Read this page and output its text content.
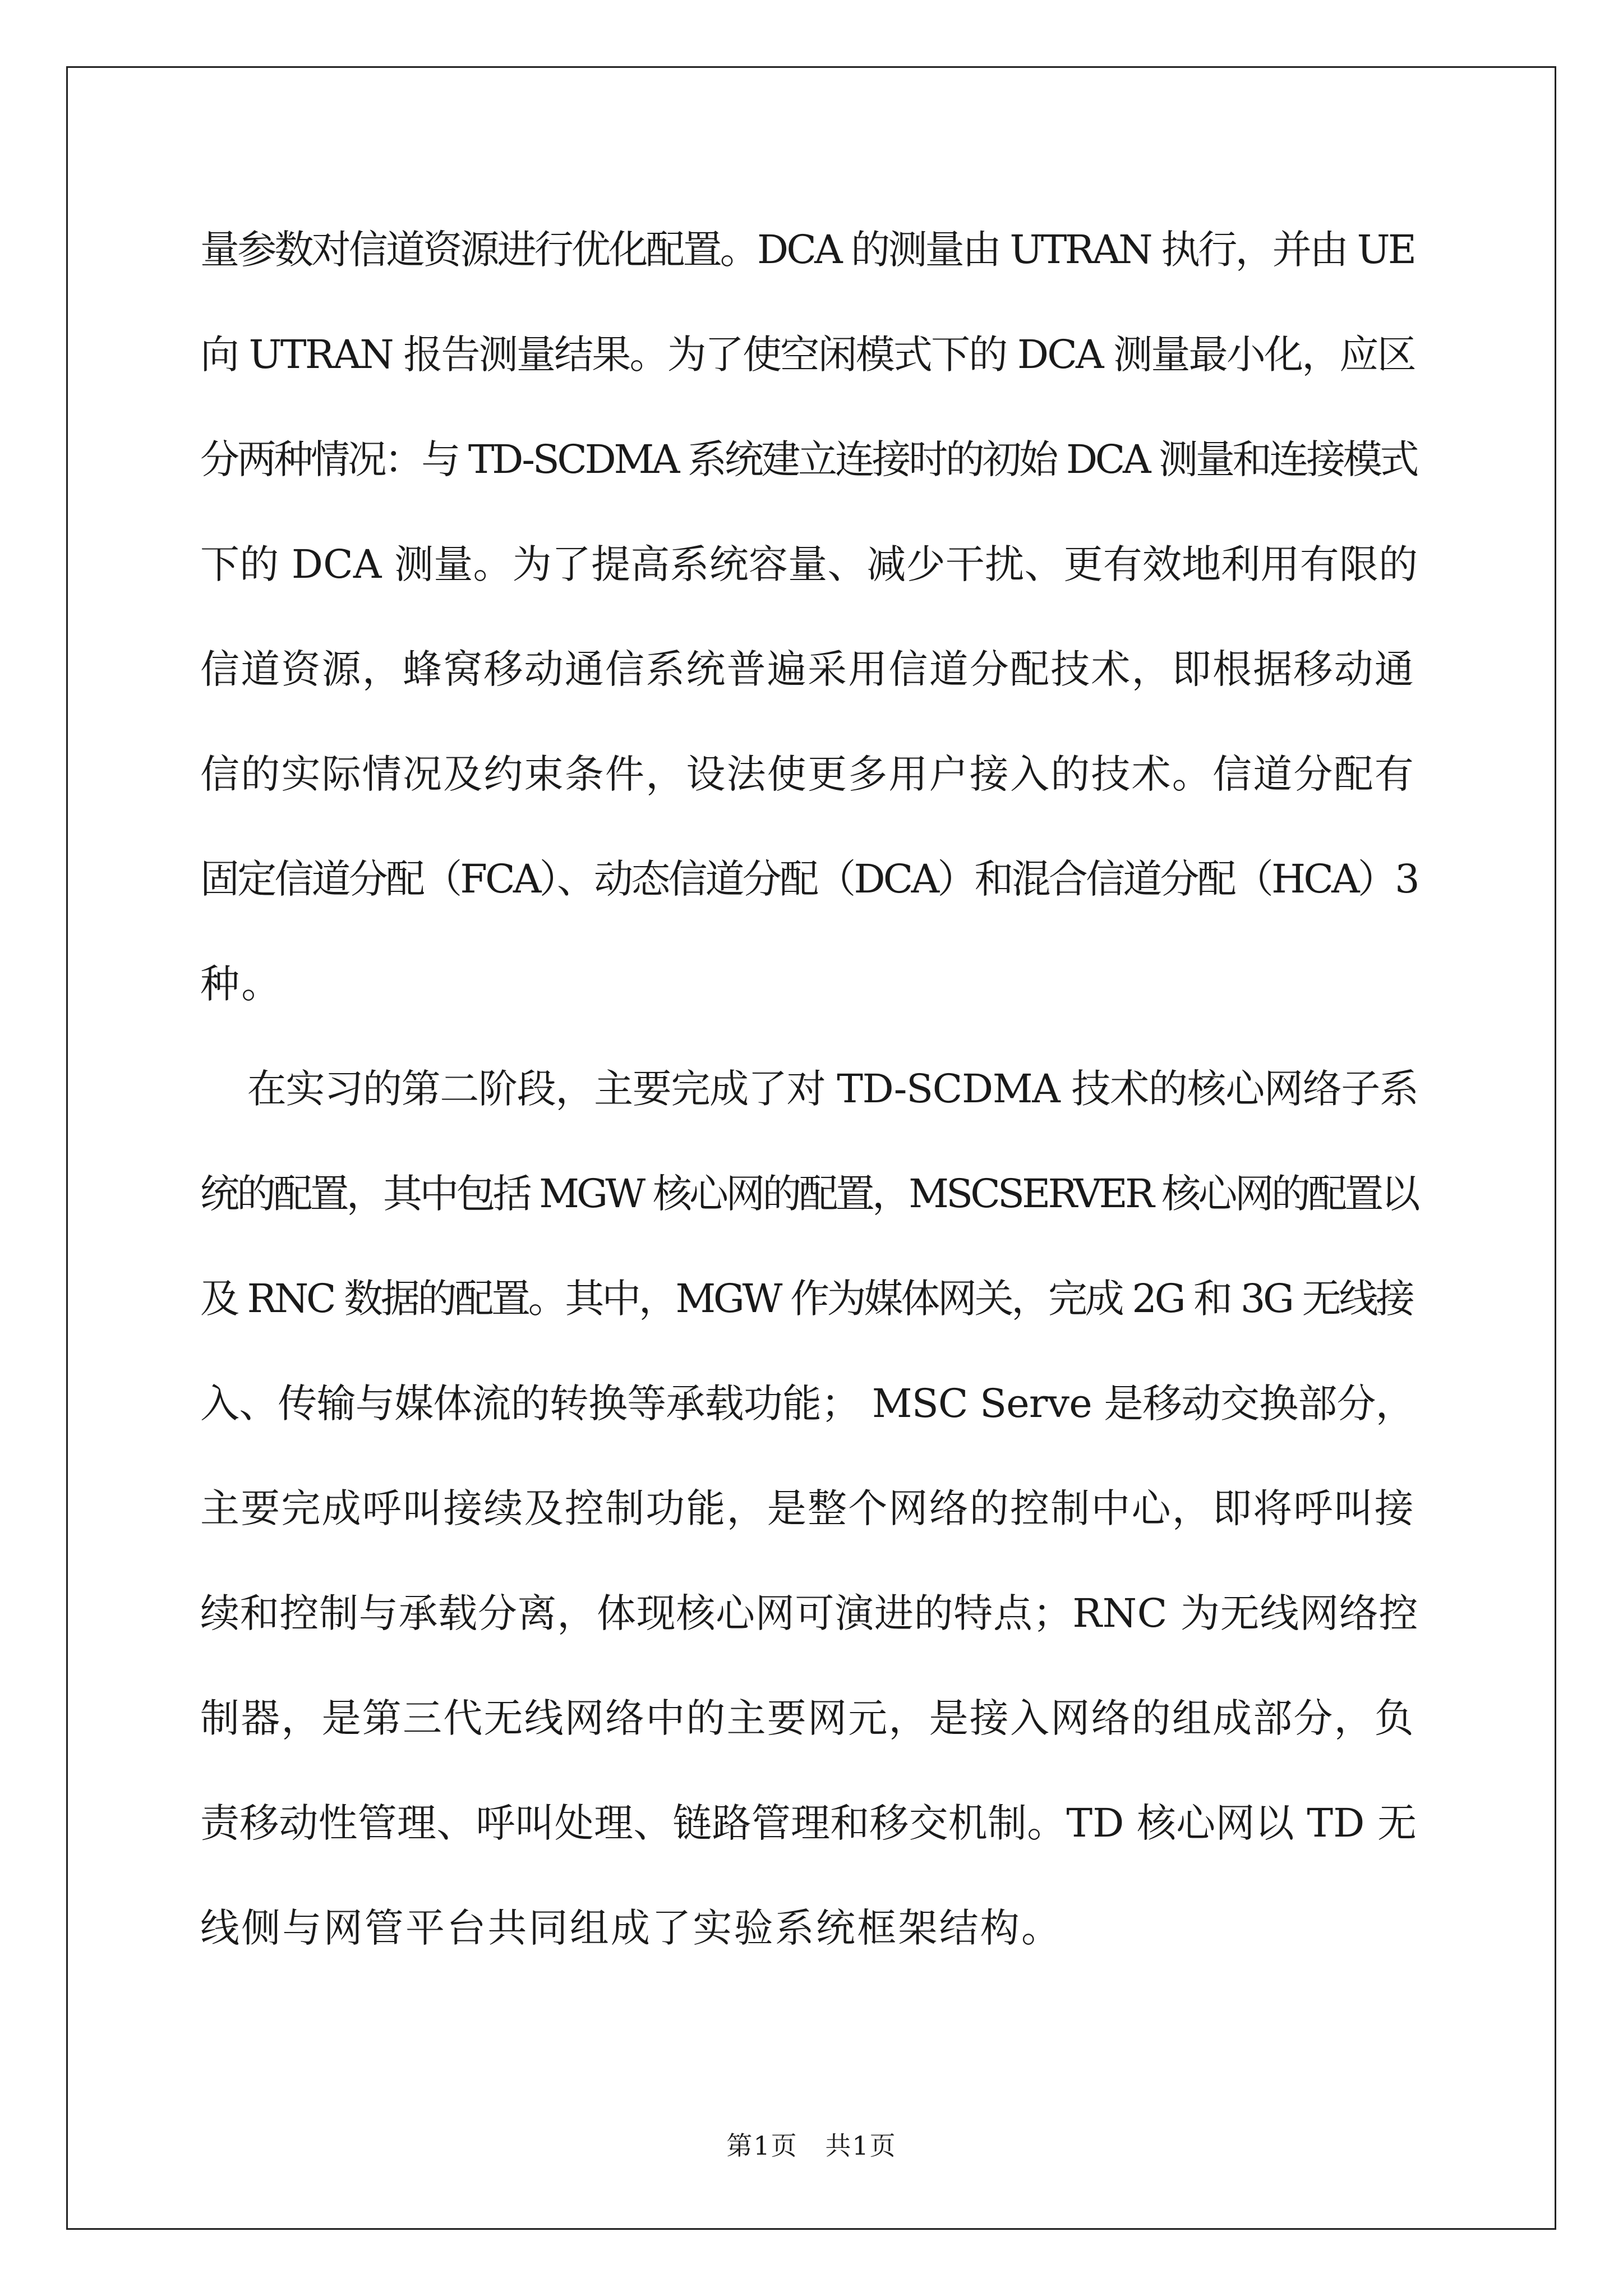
量参数对信道资源进行优化配置。DCA 的测量由 UTRAN 执行，并由 UE
向 UTRAN 报告测量结果。为了使空闲模式下的 DCA 测量最小化，应区
分两种情况：与 TD-SCDMA 系统建立连接时的初始 DCA 测量和连接模式
下的 DCA 测量。为了提高系统容量、减少干扰、更有效地利用有限的
信道资源，蜂窝移动通信系统普遍采用信道分配技术，即根据移动通
信的实际情况及约束条件，设法使更多用户接入的技术。信道分配有
固定信道分配（FCA）、动态信道分配（DCA）和混合信道分配（HCA）3
种。
在实习的第二阶段，主要完成了对 TD-SCDMA 技术的核心网络子系
统的配置，其中包括 MGW 核心网的配置，MSCSERVER 核心网的配置以
及 RNC 数据的配置。其中，MGW 作为媒体网关，完成 2G 和 3G 无线接
入、传输与媒体流的转换等承载功能； MSC Serve 是移动交换部分，
主要完成呼叫接续及控制功能，是整个网络的控制中心，即将呼叫接
续和控制与承载分离，体现核心网可演进的特点；RNC 为无线网络控
制器，是第三代无线网络中的主要网元，是接入网络的组成部分，负
责移动性管理、呼叫处理、链路管理和移交机制。TD 核心网以 TD 无
线侧与网管平台共同组成了实验系统框架结构。
第1页 共1页
